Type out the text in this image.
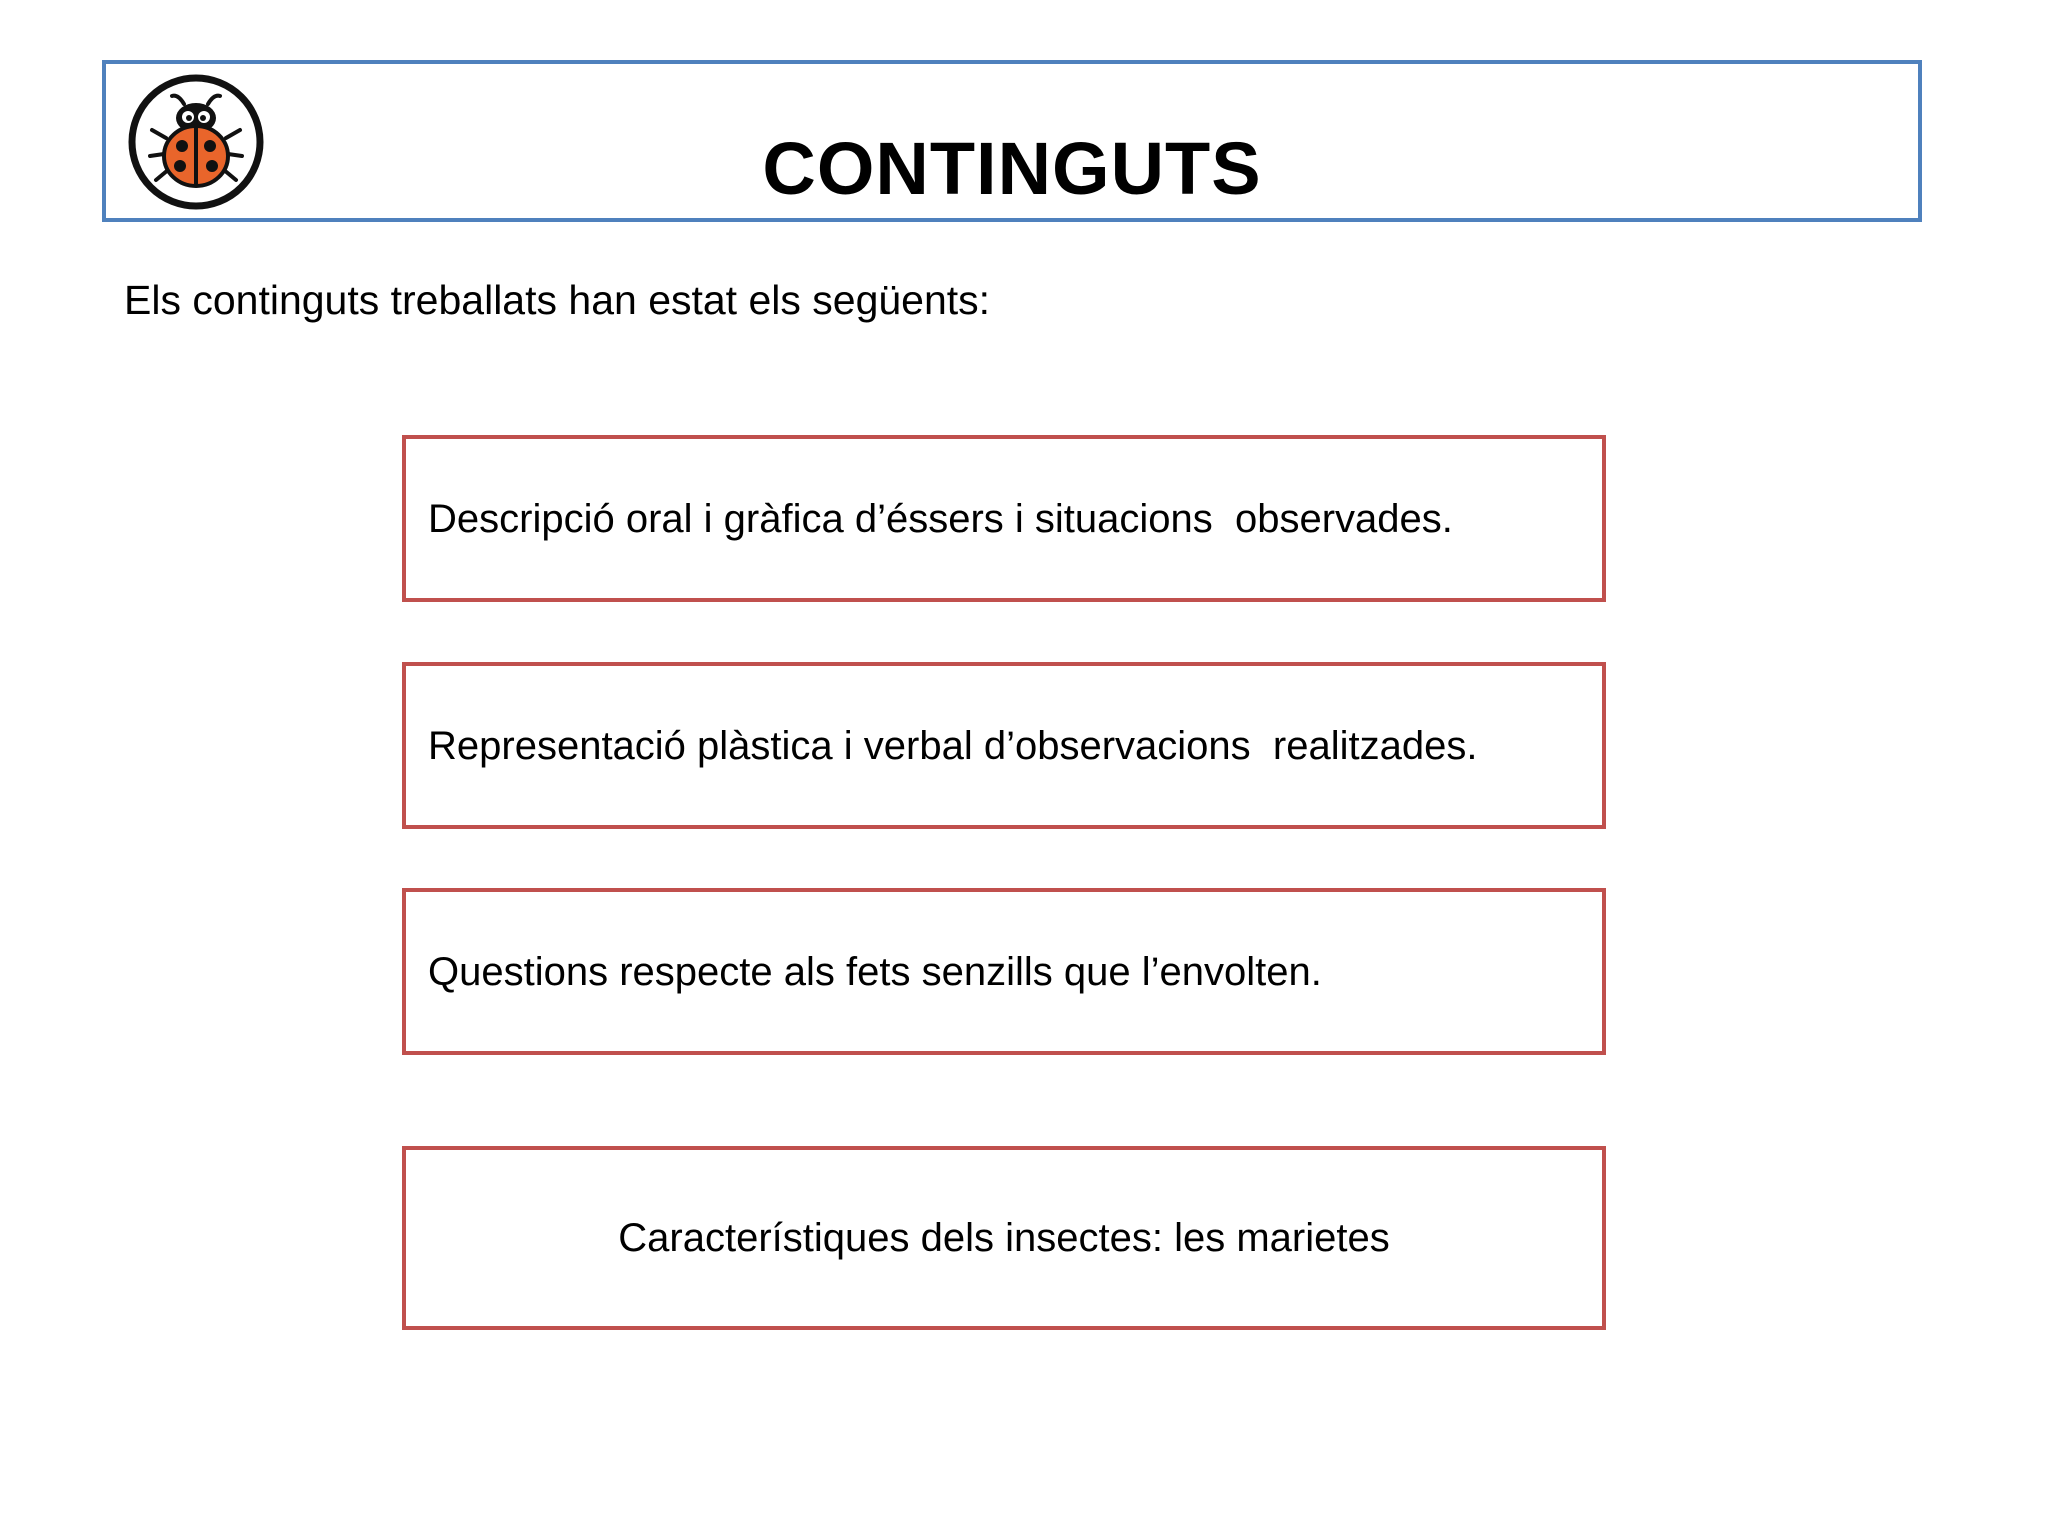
CONTINGUTS
Els continguts treballats han estat els següents:
Descripció oral i gràfica d’éssers i situacions  observades.
Representació plàstica i verbal d’observacions  realitzades.
Questions respecte als fets senzills que l’envolten.
Característiques dels insectes: les marietes
